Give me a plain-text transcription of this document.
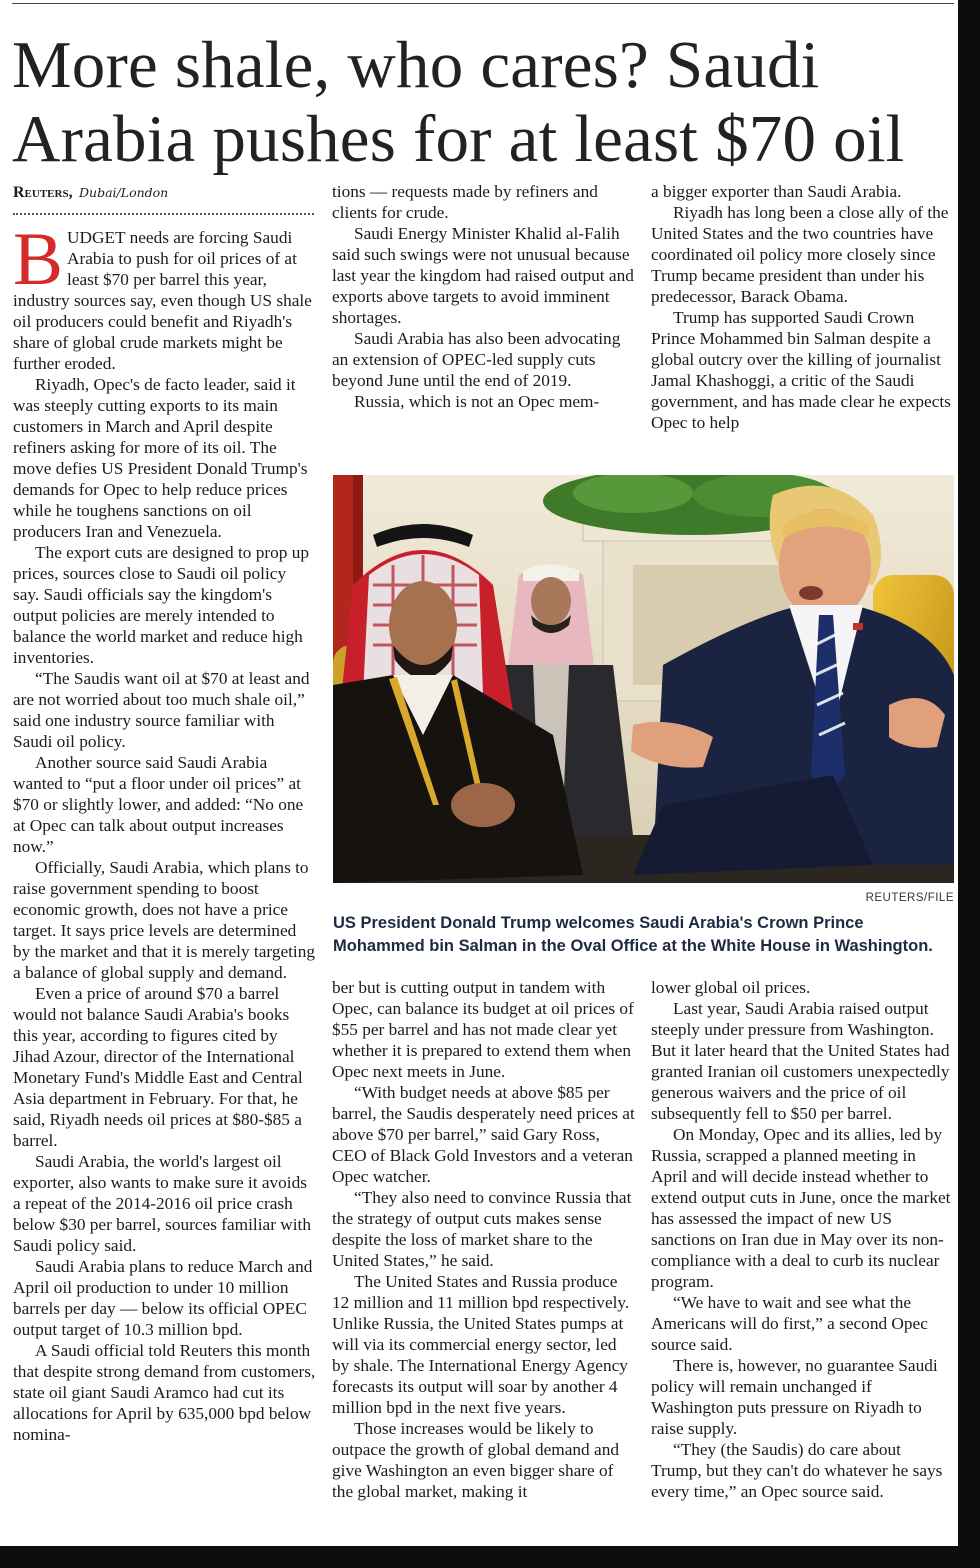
More shale, who cares? Saudi Arabia pushes for at least $70 oil
Reuters, Dubai/London

BUDGET needs are forcing Saudi Arabia to push for oil prices of at least $70 per barrel this year, industry sources say, even though US shale oil producers could benefit and Riyadh's share of global crude markets might be further eroded.

Riyadh, Opec's de facto leader, said it was steeply cutting exports to its main customers in March and April despite refiners asking for more of its oil. The move defies US President Donald Trump's demands for Opec to help reduce prices while he toughens sanctions on oil producers Iran and Venezuela.

The export cuts are designed to prop up prices, sources close to Saudi oil policy say. Saudi officials say the kingdom's output policies are merely intended to balance the world market and reduce high inventories.

“The Saudis want oil at $70 at least and are not worried about too much shale oil,” said one industry source familiar with Saudi oil policy.

Another source said Saudi Arabia wanted to “put a floor under oil prices” at $70 or slightly lower, and added: “No one at Opec can talk about output increases now.”

Officially, Saudi Arabia, which plans to raise government spending to boost economic growth, does not have a price target. It says price levels are determined by the market and that it is merely targeting a balance of global supply and demand.

Even a price of around $70 a barrel would not balance Saudi Arabia's books this year, according to figures cited by Jihad Azour, director of the International Monetary Fund's Middle East and Central Asia department in February. For that, he said, Riyadh needs oil prices at $80-$85 a barrel.

Saudi Arabia, the world's largest oil exporter, also wants to make sure it avoids a repeat of the 2014-2016 oil price crash below $30 per barrel, sources familiar with Saudi policy said.

Saudi Arabia plans to reduce March and April oil production to under 10 million barrels per day — below its official OPEC output target of 10.3 million bpd.

A Saudi official told Reuters this month that despite strong demand from customers, state oil giant Saudi Aramco had cut its allocations for April by 635,000 bpd below nomina-

tions — requests made by refiners and clients for crude.

Saudi Energy Minister Khalid al-Falih said such swings were not unusual because last year the kingdom had raised output and exports above targets to avoid imminent shortages.

Saudi Arabia has also been advocating an extension of OPEC-led supply cuts beyond June until the end of 2019.

Russia, which is not an Opec mem-

a bigger exporter than Saudi Arabia.

Riyadh has long been a close ally of the United States and the two countries have coordinated oil policy more closely since Trump became president than under his predecessor, Barack Obama.

Trump has supported Saudi Crown Prince Mohammed bin Salman despite a global outcry over the killing of journalist Jamal Khashoggi, a critic of the Saudi government, and has made clear he expects Opec to help

REUTERS/FILE

US President Donald Trump welcomes Saudi Arabia's Crown Prince Mohammed bin Salman in the Oval Office at the White House in Washington.

ber but is cutting output in tandem with Opec, can balance its budget at oil prices of $55 per barrel and has not made clear yet whether it is prepared to extend them when Opec next meets in June.

“With budget needs at above $85 per barrel, the Saudis desperately need prices at above $70 per barrel,” said Gary Ross, CEO of Black Gold Investors and a veteran Opec watcher.

“They also need to convince Russia that the strategy of output cuts makes sense despite the loss of market share to the United States,” he said.

The United States and Russia produce 12 million and 11 million bpd respectively. Unlike Russia, the United States pumps at will via its commercial energy sector, led by shale. The International Energy Agency forecasts its output will soar by another 4 million bpd in the next five years.

Those increases would be likely to outpace the growth of global demand and give Washington an even bigger share of the global market, making it

lower global oil prices.

Last year, Saudi Arabia raised output steeply under pressure from Washington. But it later heard that the United States had granted Iranian oil customers unexpectedly generous waivers and the price of oil subsequently fell to $50 per barrel.

On Monday, Opec and its allies, led by Russia, scrapped a planned meeting in April and will decide instead whether to extend output cuts in June, once the market has assessed the impact of new US sanctions on Iran due in May over its non-compliance with a deal to curb its nuclear program.

“We have to wait and see what the Americans will do first,” a second Opec source said.

There is, however, no guarantee Saudi policy will remain unchanged if Washington puts pressure on Riyadh to raise supply.

“They (the Saudis) do care about Trump, but they can't do whatever he says every time,” an Opec source said.
